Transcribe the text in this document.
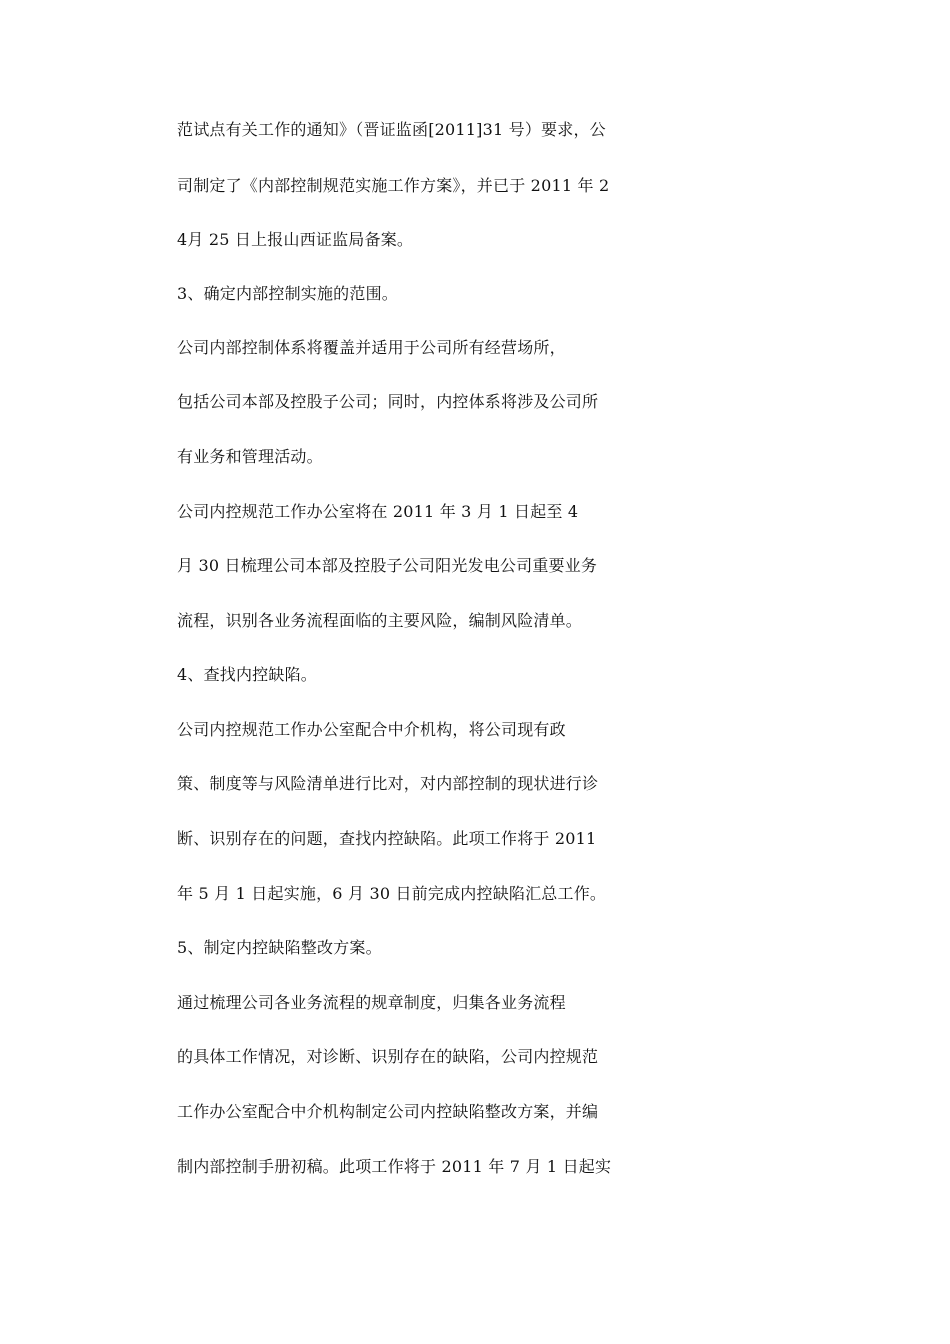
范试点有关工作的通知》（晋证监函[2011]31 号）要求，公
司制定了《内部控制规范实施工作方案》，并已于 2011 年 2
4月 25 日上报山西证监局备案。
3、确定内部控制实施的范围。
公司内部控制体系将覆盖并适用于公司所有经营场所，
包括公司本部及控股子公司；同时，内控体系将涉及公司所
有业务和管理活动。
公司内控规范工作办公室将在 2011 年 3 月 1 日起至 4
月 30 日梳理公司本部及控股子公司阳光发电公司重要业务
流程，识别各业务流程面临的主要风险，编制风险清单。
4、查找内控缺陷。
公司内控规范工作办公室配合中介机构，将公司现有政
策、制度等与风险清单进行比对，对内部控制的现状进行诊
断、识别存在的问题，查找内控缺陷。此项工作将于 2011
年 5 月 1 日起实施，6 月 30 日前完成内控缺陷汇总工作。
5、制定内控缺陷整改方案。
通过梳理公司各业务流程的规章制度，归集各业务流程
的具体工作情况，对诊断、识别存在的缺陷，公司内控规范
工作办公室配合中介机构制定公司内控缺陷整改方案，并编
制内部控制手册初稿。此项工作将于 2011 年 7 月 1 日起实
